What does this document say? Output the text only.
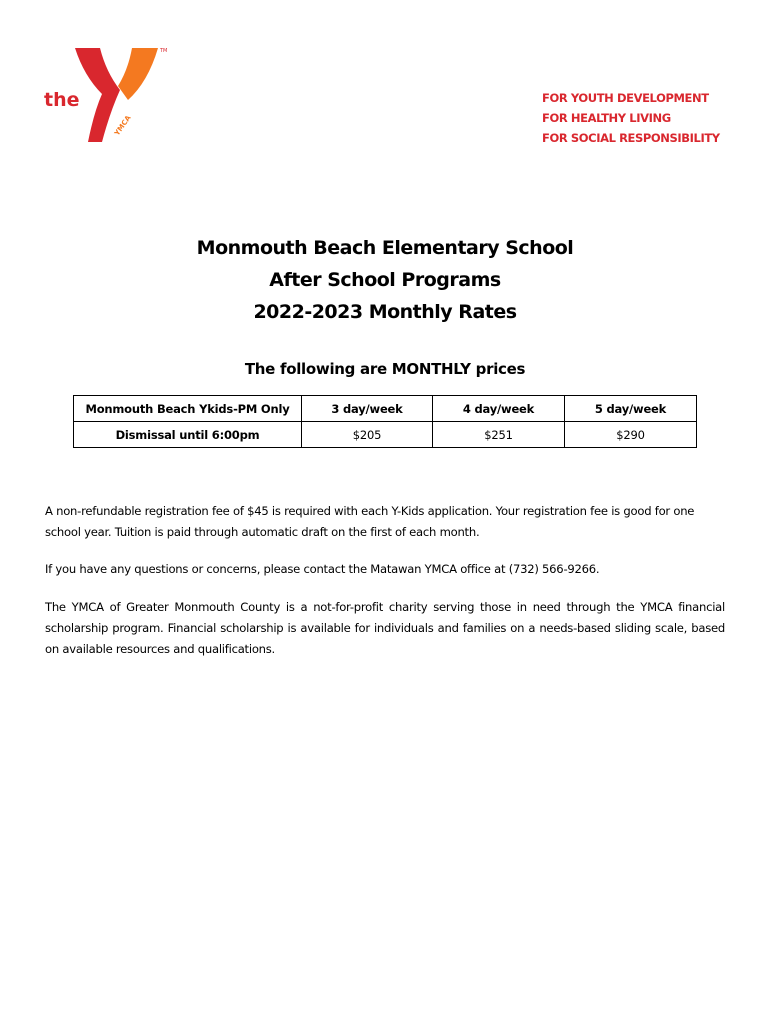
the
YMCA
TM
FOR YOUTH DEVELOPMENT
FOR HEALTHY LIVING
FOR SOCIAL RESPONSIBILITY
Monmouth Beach Elementary School
After School Programs
2022-2023 Monthly Rates
The following are MONTHLY prices
Monmouth Beach Ykids-PM Only	3 day/week	4 day/week	5 day/week
Dismissal until 6:00pm	$205	$251	$290
A non-refundable registration fee of $45 is required with each Y-Kids application. Your registration fee is good for one school year. Tuition is paid through automatic draft on the first of each month.
If you have any questions or concerns, please contact the Matawan YMCA office at (732) 566-9266.
The YMCA of Greater Monmouth County is a not-for-profit charity serving those in need through the YMCA financial scholarship program. Financial scholarship is available for individuals and families on a needs-based sliding scale, based on available resources and qualifications.
